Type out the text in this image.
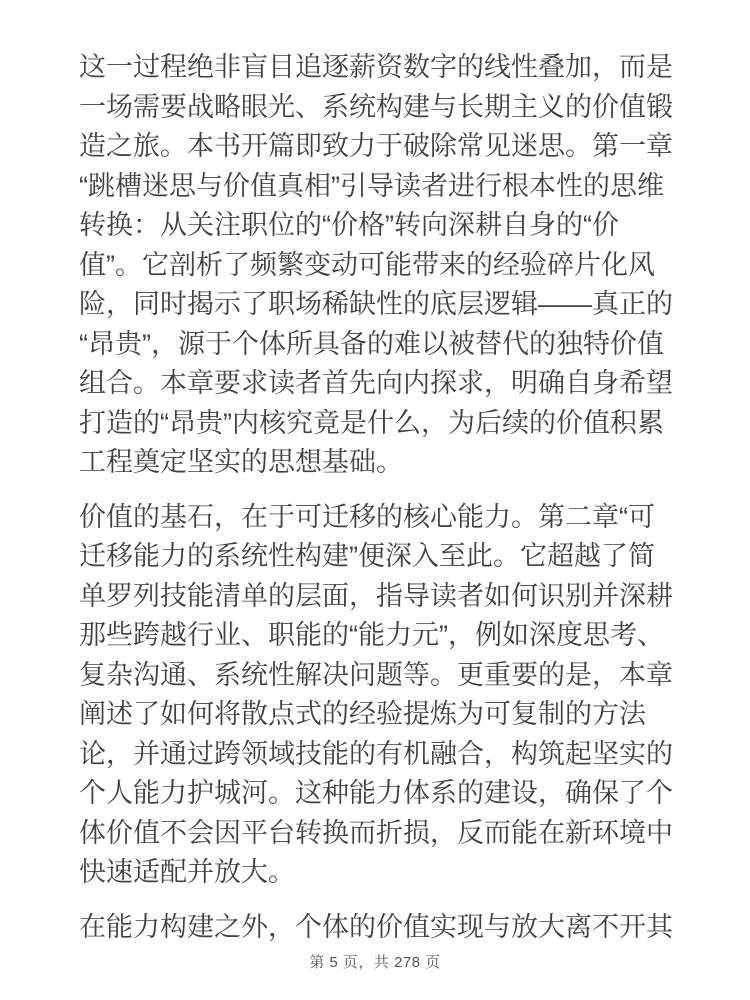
这一过程绝非盲目追逐薪资数字的线性叠加，而是一场需要战略眼光、系统构建与长期主义的价值锻造之旅。本书开篇即致力于破除常见迷思。第一章“跳槽迷思与价值真相”引导读者进行根本性的思维转换：从关注职位的“价格”转向深耕自身的“价值”。它剖析了频繁变动可能带来的经验碎片化风险，同时揭示了职场稀缺性的底层逻辑——真正的“昂贵”，源于个体所具备的难以被替代的独特价值组合。本章要求读者首先向内探求，明确自身希望打造的“昂贵”内核究竟是什么，为后续的价值积累工程奠定坚实的思想基础。

价值的基石，在于可迁移的核心能力。第二章“可迁移能力的系统性构建”便深入至此。它超越了简单罗列技能清单的层面，指导读者如何识别并深耕那些跨越行业、职能的“能力元”，例如深度思考、复杂沟通、系统性解决问题等。更重要的是，本章阐述了如何将散点式的经验提炼为可复制的方法论，并通过跨领域技能的有机融合，构筑起坚实的个人能力护城河。这种能力体系的建设，确保了个体价值不会因平台转换而折损，反而能在新环境中快速适配并放大。

在能力构建之外，个体的价值实现与放大离不开其

第 5 页，共 278 页
